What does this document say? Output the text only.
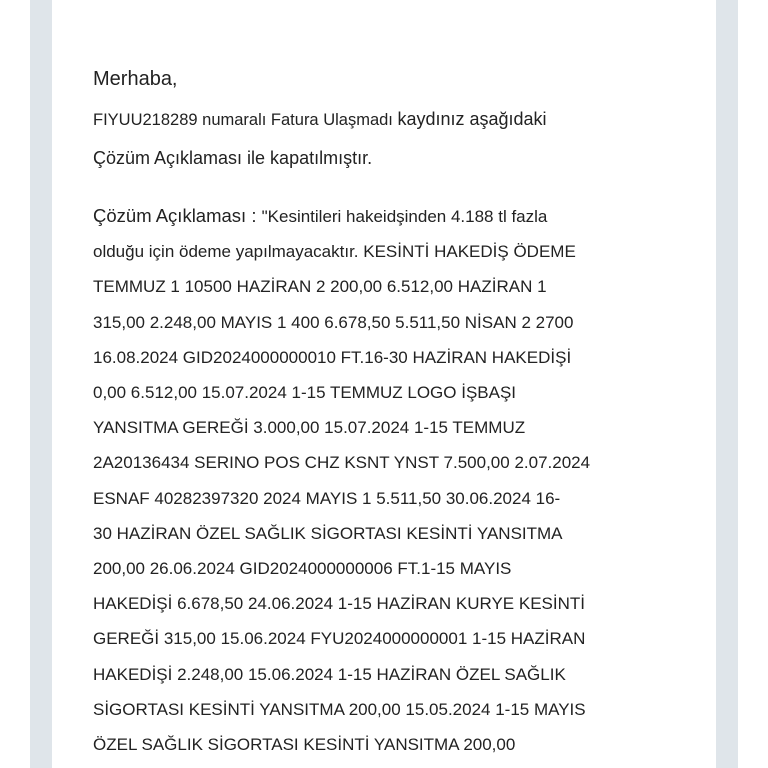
Merhaba,
FIYUU218289 numaralı Fatura Ulaşmadı kaydınız aşağıdaki
Çözüm Açıklaması ile kapatılmıştır.
Çözüm Açıklaması : "Kesintileri hakeidşinden 4.188 tl fazla
olduğu için ödeme yapılmayacaktır. KESİNTİ HAKEDİŞ ÖDEME
TEMMUZ 1 10500 HAZİRAN 2 200,00 6.512,00 HAZİRAN 1
315,00 2.248,00 MAYIS 1 400 6.678,50 5.511,50 NİSAN 2 2700
16.08.2024 GID2024000000010 FT.16-30 HAZİRAN HAKEDİŞİ
0,00 6.512,00 15.07.2024 1-15 TEMMUZ LOGO İŞBAŞI
YANSITMA GEREĞİ 3.000,00 15.07.2024 1-15 TEMMUZ
2A20136434 SERINO POS CHZ KSNT YNST 7.500,00 2.07.2024
ESNAF 40282397320 2024 MAYIS 1 5.511,50 30.06.2024 16-
30 HAZİRAN ÖZEL SAĞLIK SİGORTASI KESİNTİ YANSITMA
200,00 26.06.2024 GID2024000000006 FT.1-15 MAYIS
HAKEDİŞİ 6.678,50 24.06.2024 1-15 HAZİRAN KURYE KESİNTİ
GEREĞİ 315,00 15.06.2024 FYU2024000000001 1-15 HAZİRAN
HAKEDİŞİ 2.248,00 15.06.2024 1-15 HAZİRAN ÖZEL SAĞLIK
SİGORTASI KESİNTİ YANSITMA 200,00 15.05.2024 1-15 MAYIS
ÖZEL SAĞLIK SİGORTASI KESİNTİ YANSITMA 200,00
